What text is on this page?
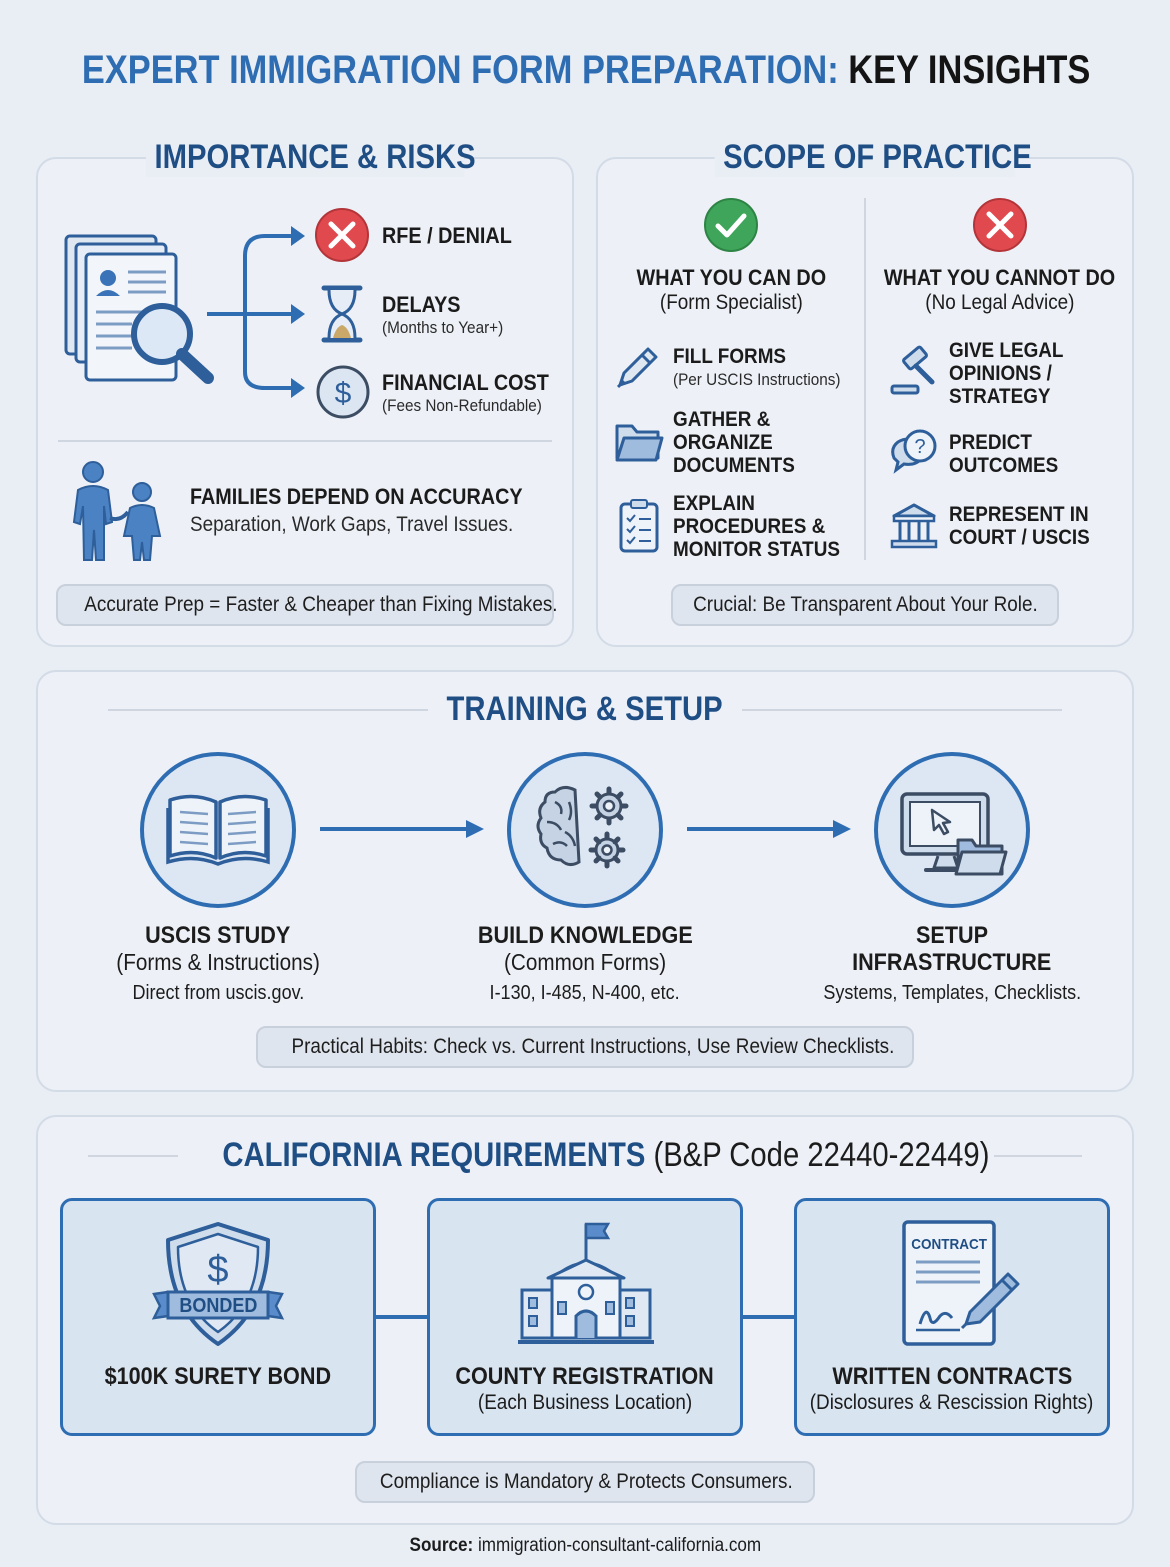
EXPERT IMMIGRATION FORM PREPARATION: KEY INSIGHTS
IMPORTANCE & RISKS
RFE / DENIAL
DELAYS
(Months to Year+)
$ FINANCIAL COST
(Fees Non-Refundable)
FAMILIES DEPEND ON ACCURACY
Separation, Work Gaps, Travel Issues.
Accurate Prep = Faster & Cheaper than Fixing Mistakes.
SCOPE OF PRACTICE
WHAT YOU CAN DO
(Form Specialist)
FILL FORMS
(Per USCIS Instructions)
GATHER &
ORGANIZE
DOCUMENTS
EXPLAIN
PROCEDURES &
MONITOR STATUS
WHAT YOU CANNOT DO
(No Legal Advice)
GIVE LEGAL
OPINIONS /
STRATEGY
? PREDICT
OUTCOMES
REPRESENT IN
COURT / USCIS
Crucial: Be Transparent About Your Role.
TRAINING & SETUP
USCIS STUDY
(Forms & Instructions)
Direct from uscis.gov.
BUILD KNOWLEDGE
(Common Forms)
I-130, I-485, N-400, etc.
SETUP
INFRASTRUCTURE
Systems, Templates, Checklists.
Practical Habits: Check vs. Current Instructions, Use Review Checklists.
CALIFORNIA REQUIREMENTS (B&P Code 22440-22449)
$
BONDED
$100K SURETY BOND	COUNTY REGISTRATION
(Each Business Location)
CONTRACT
WRITTEN CONTRACTS
(Disclosures & Rescission Rights)
Compliance is Mandatory & Protects Consumers.
Source: immigration-consultant-california.com
